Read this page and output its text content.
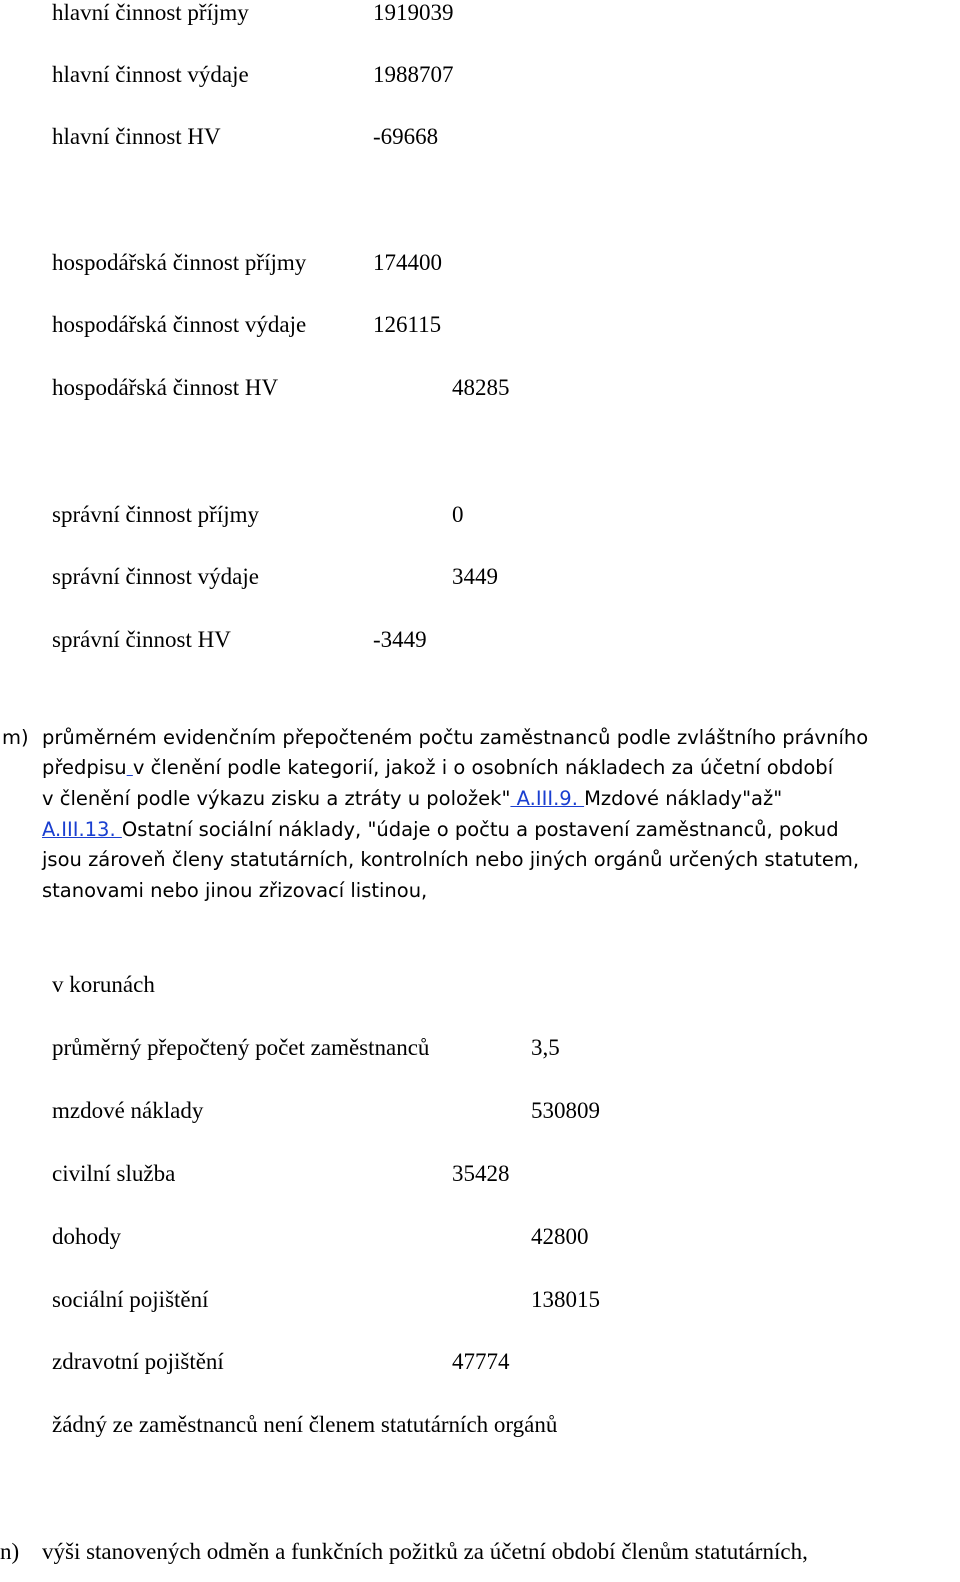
hlavní činnost příjmy	1919039
hlavní činnost výdaje	1988707
hlavní činnost HV	-69668
hospodářská činnost příjmy	174400
hospodářská činnost výdaje	126115
hospodářská činnost HV	48285
správní činnost příjmy	0
správní činnost výdaje	3449
správní činnost HV	-3449
m) průměrném evidenčním přepočteném počtu zaměstnanců podle zvláštního právního
předpisu v členění podle kategorií, jakož i o osobních nákladech za účetní období
v členění podle výkazu zisku a ztráty u položek" A.III.9. Mzdové náklady"až"
A.III.13. Ostatní sociální náklady, "údaje o počtu a postavení zaměstnanců, pokud
jsou zároveň členy statutárních, kontrolních nebo jiných orgánů určených statutem,
stanovami nebo jinou zřizovací listinou,
v korunách
průměrný přepočtený počet zaměstnanců	3,5
mzdové náklady	530809
civilní služba	35428
dohody	42800
sociální pojištění	138015
zdravotní pojištění	47774
žádný ze zaměstnanců není členem statutárních orgánů
n) výši stanovených odměn a funkčních požitků za účetní období členům statutárních,
